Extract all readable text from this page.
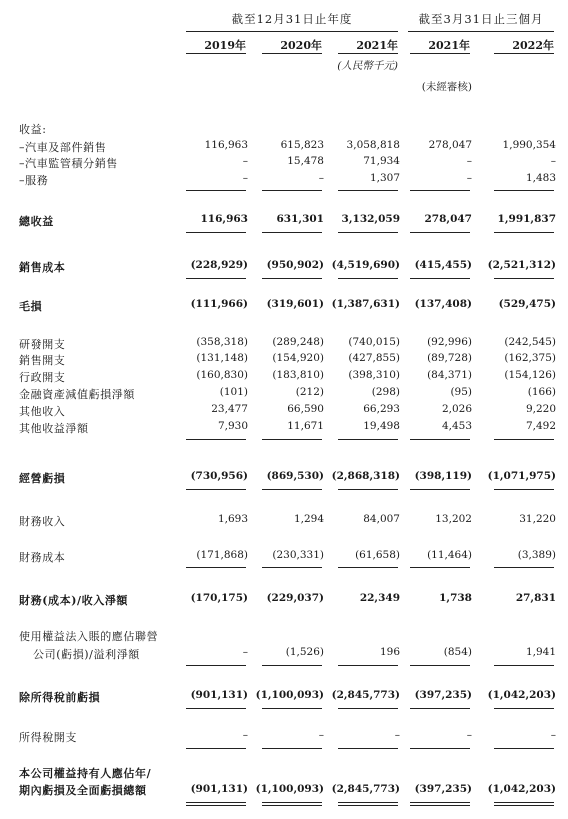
截至12月31日止年度	截至3月31日止三個月
2019年	2020年	2021年	2021年	2022年
(人民幣千元)
(未經審核)
收益:
–汽車及部件銷售	116,963	615,823	3,058,818	278,047	1,990,354
–汽車監管積分銷售	–	15,478	71,934	–	–
–服務	–	–	1,307	–	1,483
總收益	116,963	631,301	3,132,059	278,047	1,991,837
銷售成本	(228,929)	(950,902) (4,519,690)	(415,455) (2,521,312)
毛損	(111,966)	(319,601) (1,387,631)	(137,408)	(529,475)
研發開支	(358,318)	(289,248)	(740,015)	(92,996)	(242,545)
銷售開支	(131,148)	(154,920)	(427,855)	(89,728)	(162,375)
行政開支	(160,830)	(183,810)	(398,310)	(84,371)	(154,126)
金融資產減值虧損淨額	(101)	(212)	(298)	(95)	(166)
其他收入	23,477	66,590	66,293	2,026	9,220
其他收益淨額	7,930	11,671	19,498	4,453	7,492
經營虧損	(730,956)	(869,530) (2,868,318)	(398,119) (1,071,975)
財務收入	1,693	1,294	84,007	13,202	31,220
財務成本	(171,868)	(230,331)	(61,658)	(11,464)	(3,389)
財務(成本)/收入淨額	(170,175)	(229,037)	22,349	1,738	27,831
使用權益法入賬的應佔聯營
公司(虧損)/溢利淨額	–	(1,526)	196	(854)	1,941
除所得稅前虧損	(901,131) (1,100,093) (2,845,773)	(397,235) (1,042,203)
所得稅開支	–	–	–	–	–
本公司權益持有人應佔年/
期內虧損及全面虧損總額	(901,131) (1,100,093) (2,845,773)	(397,235) (1,042,203)
